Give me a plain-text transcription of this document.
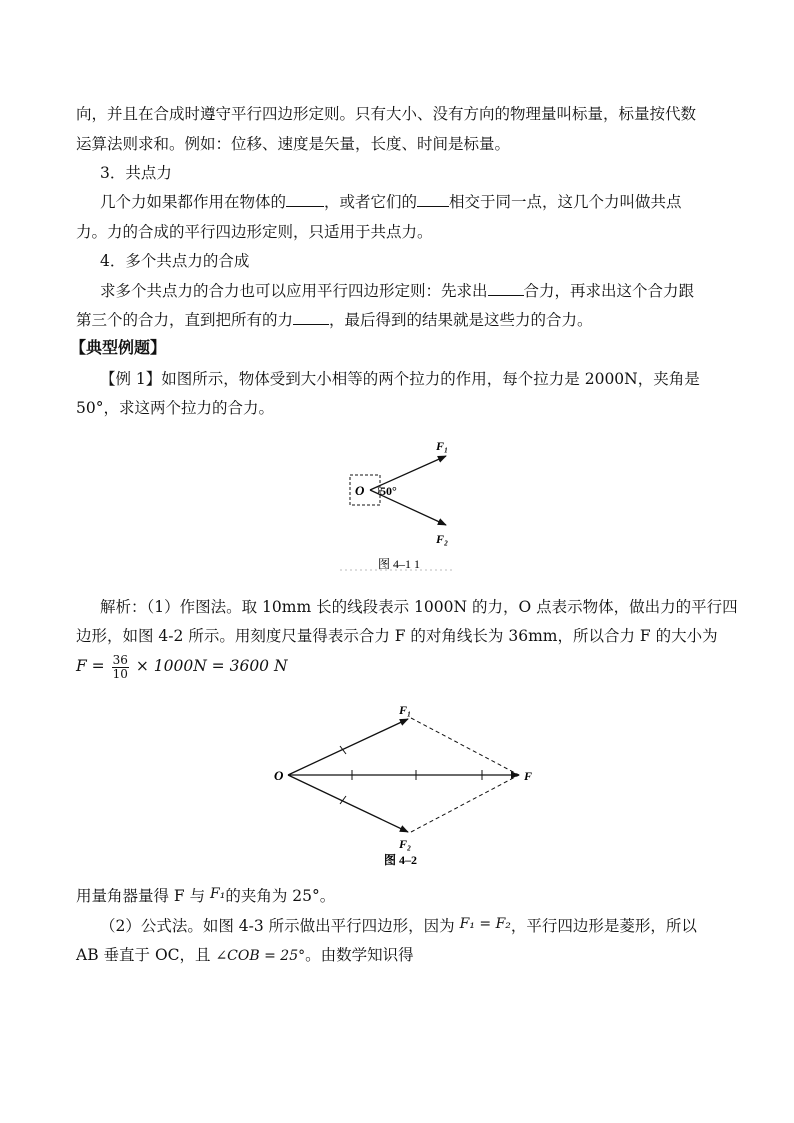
向，并且在合成时遵守平行四边形定则。只有大小、没有方向的物理量叫标量，标量按代数
运算法则求和。例如：位移、速度是矢量，长度、时间是标量。
3．共点力
几个力如果都作用在物体的 ，或者它们的 相交于同一点，这几个力叫做共点
力。力的合成的平行四边形定则，只适用于共点力。
4．多个共点力的合成
求多个共点力的合力也可以应用平行四边形定则：先求出 合力，再求出这个合力跟
第三个的合力，直到把所有的力 ，最后得到的结果就是这些力的合力。
【典型例题】
【例 1】如图所示，物体受到大小相等的两个拉力的作用，每个拉力是 2000N，夹角是
50°，求这两个拉力的合力。
O 50°
F₁
F₂
图 4–1 1
解析：（1）作图法。取 10mm 长的线段表示 1000N 的力，O 点表示物体，做出力的平行四
边形，如图 4-2 所示。用刻度尺量得表示合力 F 的对角线长为 36mm，所以合力 F 的大小为
$F = \frac{36}{10} \times 1000N = 3600$ N
O	F
F₁
F₂
图 4–2
用量角器量得 F 与 F₁的夹角为 25°。
（2）公式法。如图 4-3 所示做出平行四边形，因为 F₁ = F₂，平行四边形是菱形，所以
AB 垂直于 OC，且 ∠COB = 25°。由数学知识得
